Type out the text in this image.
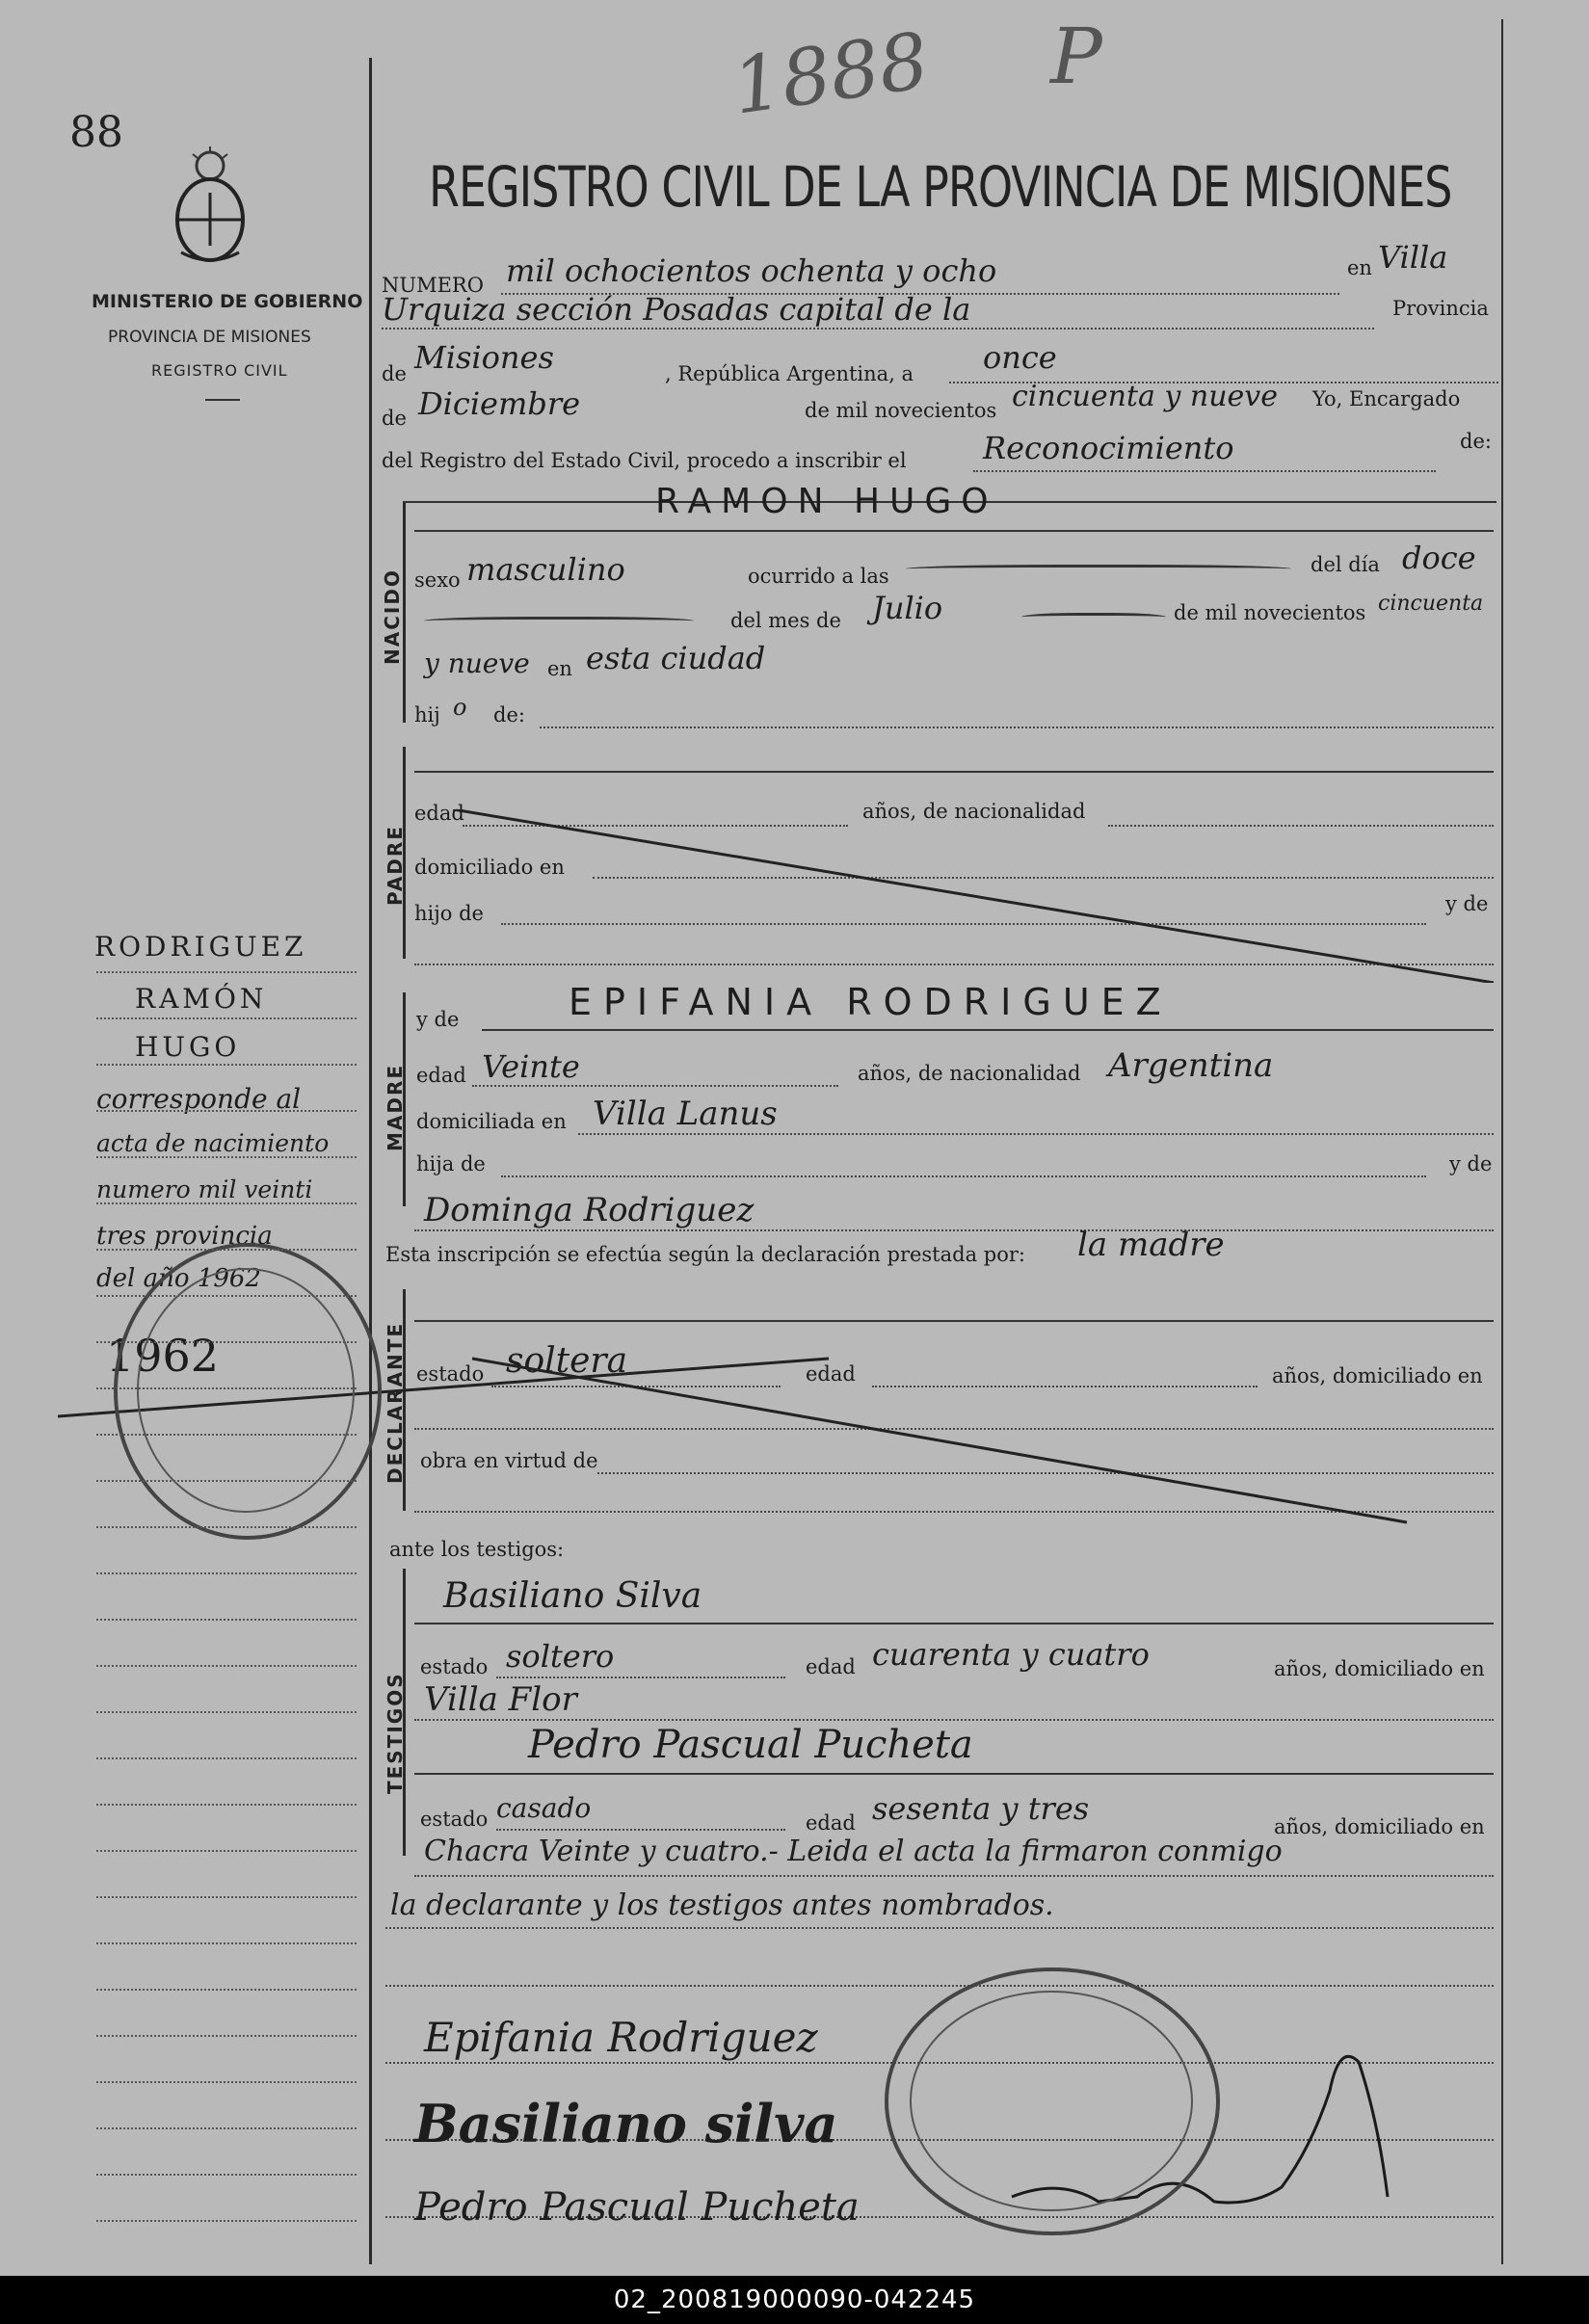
88
1888 P
MINISTERIO DE GOBIERNO
PROVINCIA DE MISIONES
REGISTRO CIVIL
REGISTRO CIVIL DE LA PROVINCIA DE MISIONES
NUMERO mil ochocientos ochenta y ocho	en Villa
Urquiza sección Posadas capital de la	Provincia
de Misiones	, República Argentina, a once
de Diciembre	de mil novecientos cincuenta y nueve Yo, Encargado
del Registro del Estado Civil, procedo a inscribir el Reconocimiento	de:
NACIDO
RAMON HUGO
sexo masculino	ocurrido a las	del día doce
del mes de Julio	de mil novecientos cincuenta
y nueve en esta ciudad
hij o de:
PADRE
edad	años, de nacionalidad
domiciliado en
hijo de	y de
MADRE
y de	EPIFANIA RODRIGUEZ
edad Veinte	años, de nacionalidad Argentina
domiciliada en Villa Lanus
hija de	y de
Dominga Rodriguez
Esta inscripción se efectúa según la declaración prestada por: la madre
DECLARANTE estado soltera	edad	años, domiciliado en
obra en virtud de
ante los testigos:
TESTIGOS
Basiliano Silva
estado soltero	edad cuarenta y cuatro	años, domiciliado en
Villa Flor
Pedro Pascual Pucheta
estado casado	edad sesenta y tres	años, domiciliado en
Chacra Veinte y cuatro.- Leida el acta la firmaron conmigo
la declarante y los testigos antes nombrados.
Epifania Rodriguez
Basiliano silva
Pedro Pascual Pucheta
RODRIGUEZ
RAMÓN
HUGO
corresponde al
acta de nacimiento
numero mil veinti
tres provincia
del año 1962
1962
02_200819000090-042245
